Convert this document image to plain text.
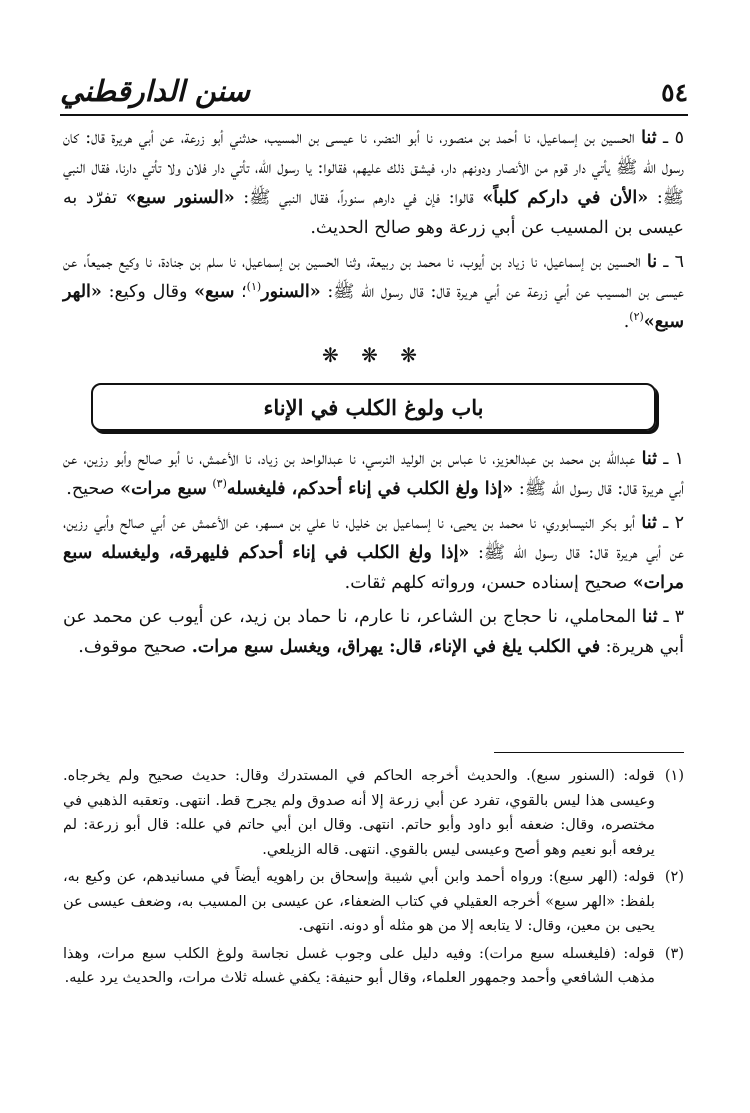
٥٤
سنن الدارقطني

٥ ـ ثنا الحسين بن إسماعيل، نا أحمد بن منصور، نا أبو النضر، نا عيسى بن المسيب، حدثني أبو زرعة، عن أبي هريرة قال: كان رسول الله ﷺ يأتي دار قوم من الأنصار ودونهم دار، فيشق ذلك عليهم، فقالوا: يا رسول الله، تأتي دار فلان ولا تأتي دارنا، فقال النبي ﷺ: «الأن في داركم كلباً» قالوا: فإن في دارهم سنوراً، فقال النبي ﷺ: «السنور سبع» تفرّد به عيسى بن المسيب عن أبي زرعة وهو صالح الحديث.

٦ ـ نا الحسين بن إسماعيل، نا زياد بن أيوب، نا محمد بن ربيعة، وثنا الحسين بن إسماعيل، نا سلم بن جنادة، نا وكيع جميعاً، عن عيسى بن المسيب عن أبي زرعة عن أبي هريرة قال: قال رسول الله ﷺ: «السنور$^{(١)}$؛ سبع» وقال وكيع: «الهر سبع»$^{(٢)}$.

❋ ❋ ❋
باب ولوغ الكلب في الإناء

١ ـ ثنا عبدالله بن محمد بن عبدالعزيز، نا عباس بن الوليد النرسي، نا عبدالواحد بن زياد، نا الأعمش، نا أبو صالح وأبو رزين، عن أبي هريرة قال: قال رسول الله ﷺ: «إذا ولغ الكلب في إناء أحدكم، فليغسله$^{(٣)}$ سبع مرات» صحيح.

٢ ـ ثنا أبو بكر النيسابوري، نا محمد بن يحيى، نا إسماعيل بن خليل، نا علي بن مسهر، عن الأعمش عن أبي صالح وأبي رزين، عن أبي هريرة قال: قال رسول الله ﷺ: «إذا ولغ الكلب في إناء أحدكم فليهرقه، وليغسله سبع مرات» صحيح إسناده حسن، ورواته كلهم ثقات.

٣ ـ ثنا المحاملي، نا حجاج بن الشاعر، نا عارم، نا حماد بن زيد، عن أيوب عن محمد عن أبي هريرة: في الكلب يلغ في الإناء، قال: يهراق، ويغسل سبع مرات. صحيح موقوف.

(١)
قوله: (السنور سبع). والحديث أخرجه الحاكم في المستدرك وقال: حديث صحيح ولم يخرجاه. وعيسى هذا ليس بالقوي، تفرد عن أبي زرعة إلا أنه صدوق ولم يجرح قط. انتهى. وتعقبه الذهبي في مختصره، وقال: ضعفه أبو داود وأبو حاتم. انتهى. وقال ابن أبي حاتم في علله: قال أبو زرعة: لم يرفعه أبو نعيم وهو أصح وعيسى ليس بالقوي. انتهى. قاله الزيلعي.
(٢)
قوله: (الهر سبع): ورواه أحمد وابن أبي شيبة وإسحاق بن راهويه أيضاً في مسانيدهم، عن وكيع به، بلفظ: «الهر سبع» أخرجه العقيلي في كتاب الضعفاء، عن عيسى بن المسيب به، وضعف عيسى عن يحيى بن معين، وقال: لا يتابعه إلا من هو مثله أو دونه. انتهى.
(٣)
قوله: (فليغسله سبع مرات): وفيه دليل على وجوب غسل نجاسة ولوغ الكلب سبع مرات، وهذا مذهب الشافعي وأحمد وجمهور العلماء، وقال أبو حنيفة: يكفي غسله ثلاث مرات، والحديث يرد عليه.
